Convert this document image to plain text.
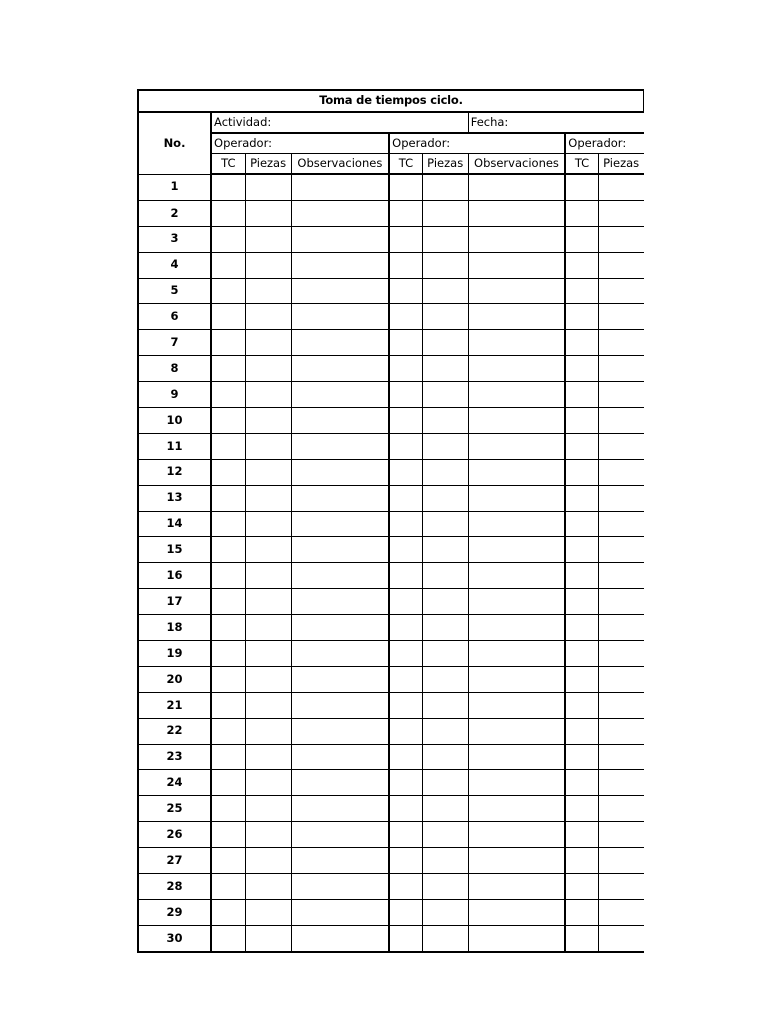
Toma de tiempos ciclo.								
No.	Actividad:					Fecha:		
	Operador:			Operador:			Operador:	
	TC	Piezas	Observaciones	TC	Piezas	Observaciones	TC	Piezas
1								
2								
3								
4								
5								
6								
7								
8								
9								
10								
11								
12								
13								
14								
15								
16								
17								
18								
19								
20								
21								
22								
23								
24								
25								
26								
27								
28								
29								
30								
